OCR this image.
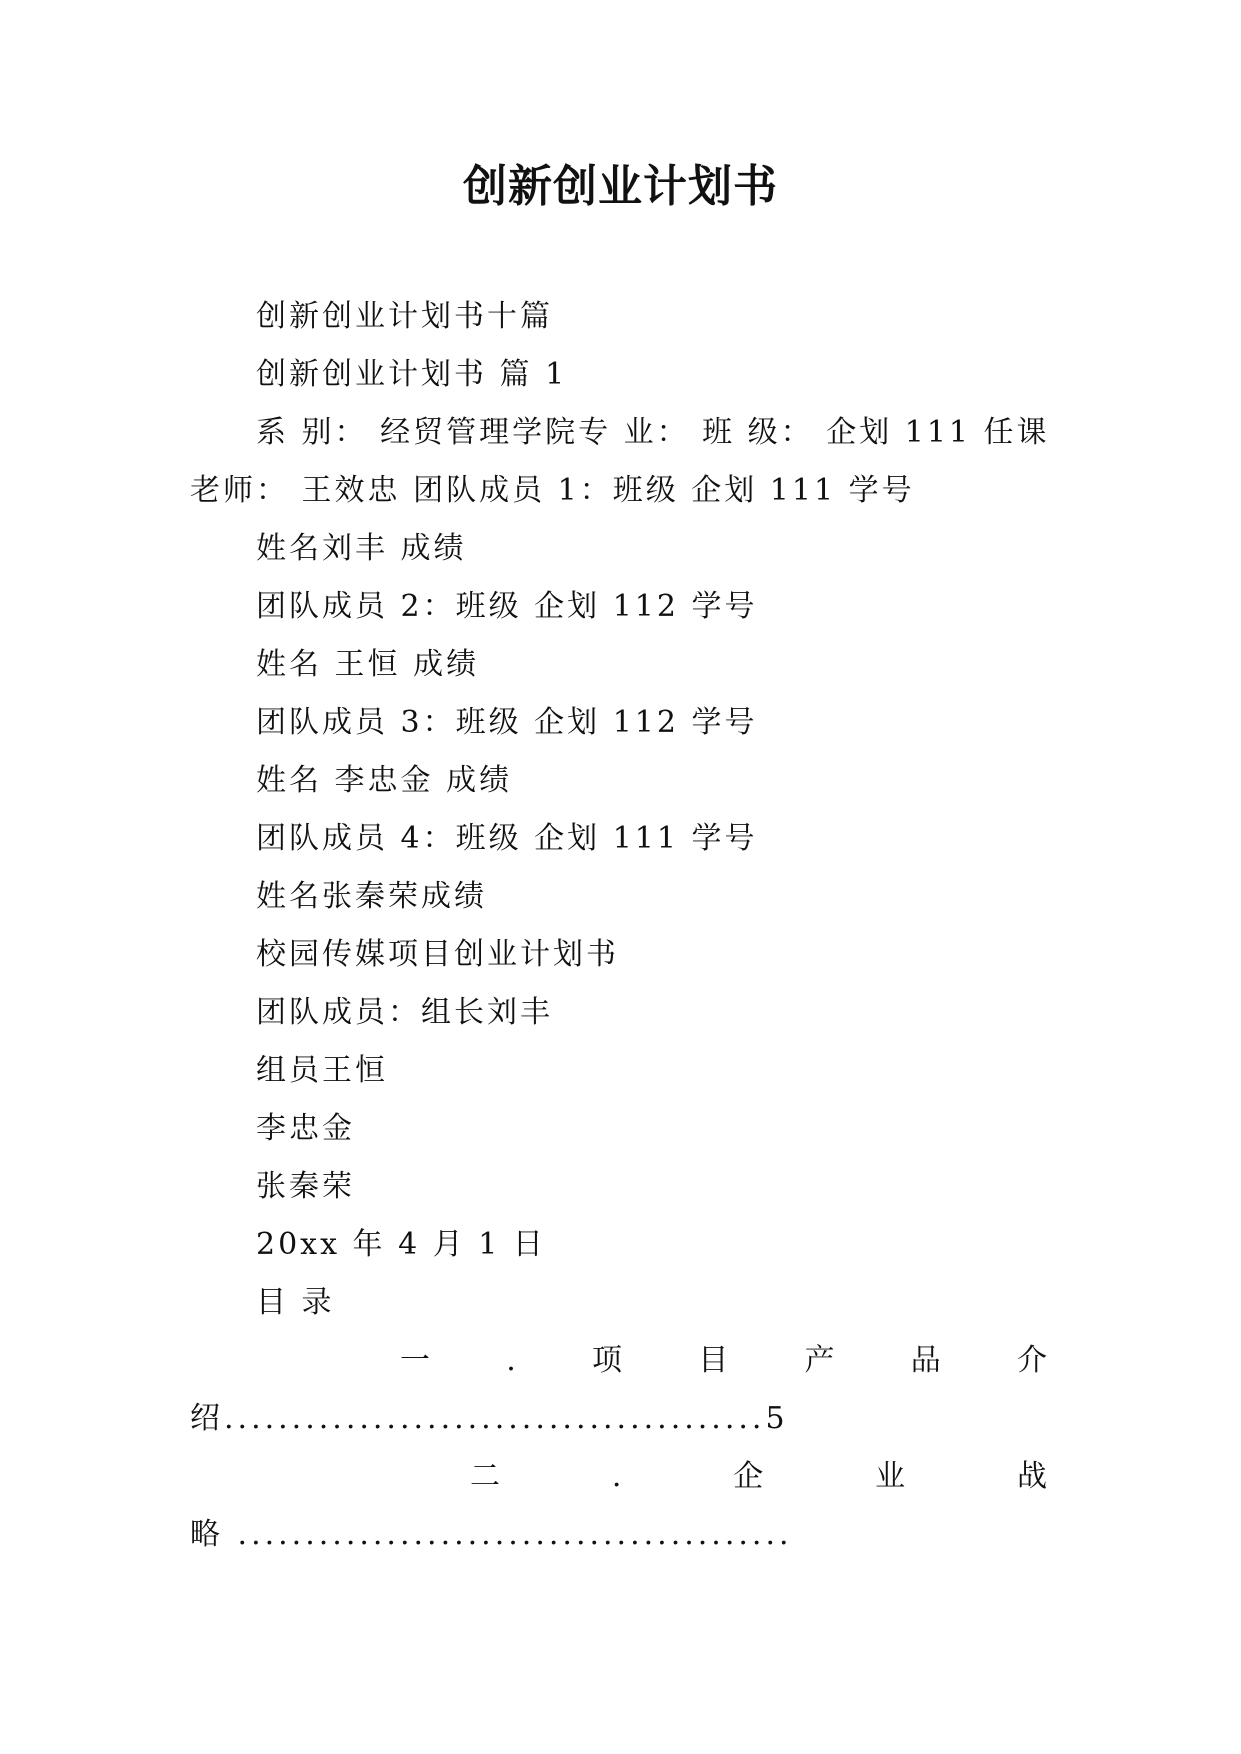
创新创业计划书
创新创业计划书十篇
创新创业计划书 篇 1
系 别： 经贸管理学院专 业： 班 级： 企划 111 任课
老师： 王效忠 团队成员 1：班级 企划 111 学号
姓名刘丰 成绩
团队成员 2：班级 企划 112 学号
姓名 王恒 成绩
团队成员 3：班级 企划 112 学号
姓名 李忠金 成绩
团队成员 4：班级 企划 111 学号
姓名张秦荣成绩
校园传媒项目创业计划书
团队成员：组长刘丰
组员王恒
李忠金
张秦荣
20xx 年 4 月 1 日
目 录
一 . 项 目 产 品 介
绍........................................5
二	.	企	业	战
略 .........................................
